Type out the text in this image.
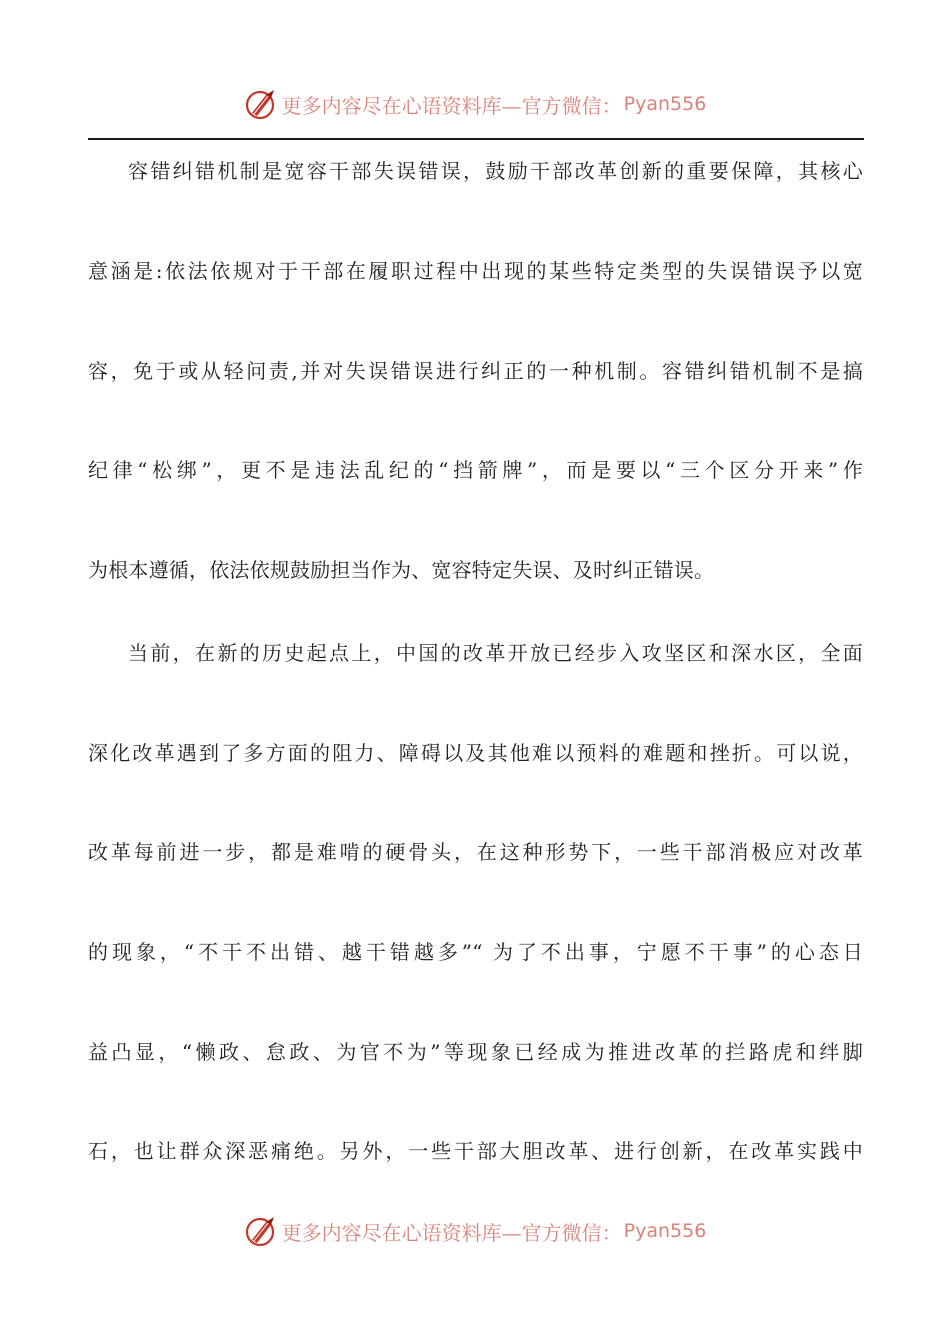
更多内容尽在心语资料库—官方微信： Pyan556
容错纠错机制是宽容干部失误错误，鼓励干部改革创新的重要保障，其核心
意涵是:依法依规对于干部在履职过程中出现的某些特定类型的失误错误予以宽
容，免于或从轻问责,并对失误错误进行纠正的一种机制。容错纠错机制不是搞
纪律“松绑”，更不是违法乱纪的“挡箭牌”，而是要以“三个区分开来”作
为根本遵循，依法依规鼓励担当作为、宽容特定失误、及时纠正错误。
当前，在新的历史起点上，中国的改革开放已经步入攻坚区和深水区，全面
深化改革遇到了多方面的阻力、障碍以及其他难以预料的难题和挫折。可以说，
改革每前进一步，都是难啃的硬骨头，在这种形势下，一些干部消极应对改革
的现象，“不干不出错、越干错越多”“ 为了不出事，宁愿不干事”的心态日
益凸显，“懒政、怠政、为官不为”等现象已经成为推进改革的拦路虎和绊脚
石，也让群众深恶痛绝。另外，一些干部大胆改革、进行创新，在改革实践中
更多内容尽在心语资料库—官方微信： Pyan556
